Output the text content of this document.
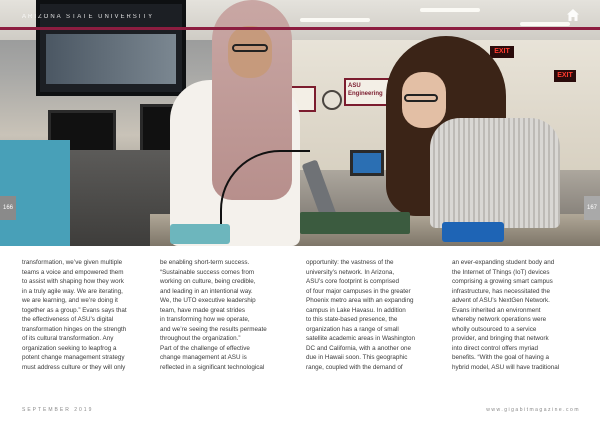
ASU Engineering
EXIT
EXIT
ARIZONA STATE UNIVERSITY
166	167
transformation, we’ve given multiple
teams a voice and empowered them
to assist with shaping how they work
in a truly agile way. We are iterating,
we are learning, and we’re doing it
together as a group.” Evans says that
the effectiveness of ASU’s digital
transformation hinges on the strength
of its cultural transformation. Any
organization seeking to leapfrog a
potent change management strategy
must address culture or they will only
be enabling short-term success.
“Sustainable success comes from
working on culture, being credible,
and leading in an intentional way.
We, the UTO executive leadership
team, have made great strides
in transforming how we operate,
and we’re seeing the results permeate
throughout the organization.”
Part of the challenge of effective
change management at ASU is
reflected in a significant technological
opportunity: the vastness of the
university’s network. In Arizona,
ASU’s core footprint is comprised
of four major campuses in the greater
Phoenix metro area with an expanding
campus in Lake Havasu. In addition
to this state-based presence, the
organization has a range of small
satellite academic areas in Washington
DC and California, with a another one
due in Hawaii soon. This geographic
range, coupled with the demand of
an ever-expanding student body and
the Internet of Things (IoT) devices
comprising a growing smart campus
infrastructure, has necessitated the
advent of ASU’s NextGen Network.
Evans inherited an environment
whereby network operations were
wholly outsourced to a service
provider, and bringing that network
into direct control offers myriad
benefits. “With the goal of having a
hybrid model, ASU will have traditional
SEPTEMBER 2019	www.gigabitmagazine.com
